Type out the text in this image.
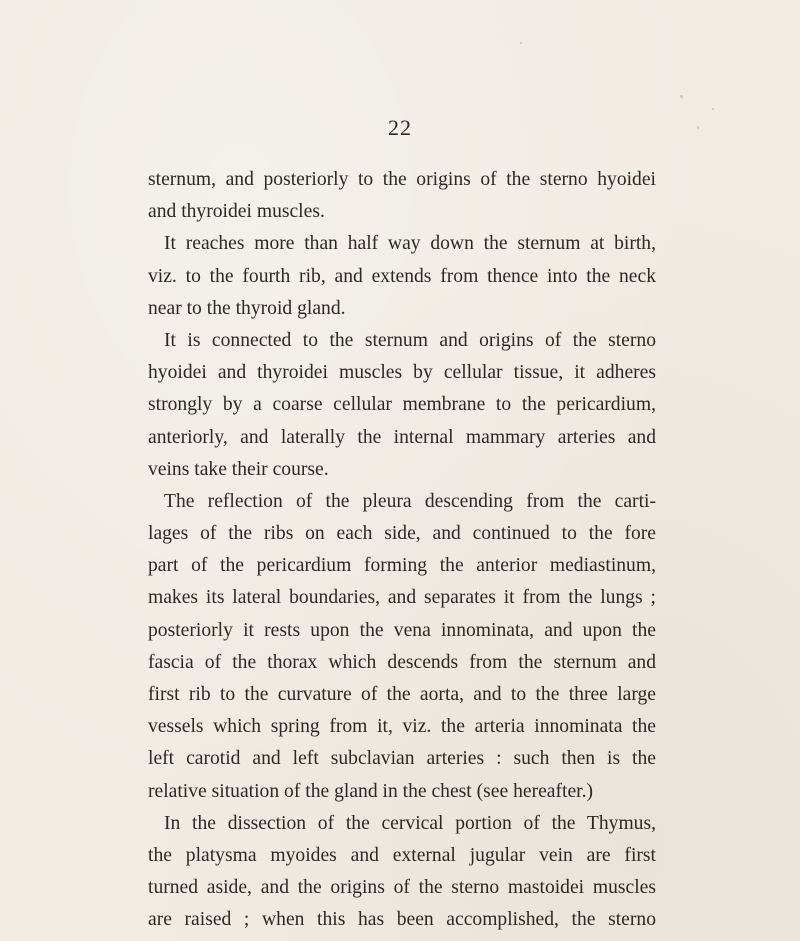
22
sternum, and posteriorly to the origins of the sterno hyoidei
and thyroidei muscles.
It reaches more than half way down the sternum at birth,
viz. to the fourth rib, and extends from thence into the neck
near to the thyroid gland.
It is connected to the sternum and origins of the sterno
hyoidei and thyroidei muscles by cellular tissue, it adheres
strongly by a coarse cellular membrane to the pericardium,
anteriorly, and laterally the internal mammary arteries and
veins take their course.
The reflection of the pleura descending from the carti-
lages of the ribs on each side, and continued to the fore
part of the pericardium forming the anterior mediastinum,
makes its lateral boundaries, and separates it from the lungs ;
posteriorly it rests upon the vena innominata, and upon the
fascia of the thorax which descends from the sternum and
first rib to the curvature of the aorta, and to the three large
vessels which spring from it, viz. the arteria innominata the
left carotid and left subclavian arteries : such then is the
relative situation of the gland in the chest (see hereafter.)
In the dissection of the cervical portion of the Thymus,
the platysma myoides and external jugular vein are first
turned aside, and the origins of the sterno mastoidei muscles
are raised ; when this has been accomplished, the sterno
